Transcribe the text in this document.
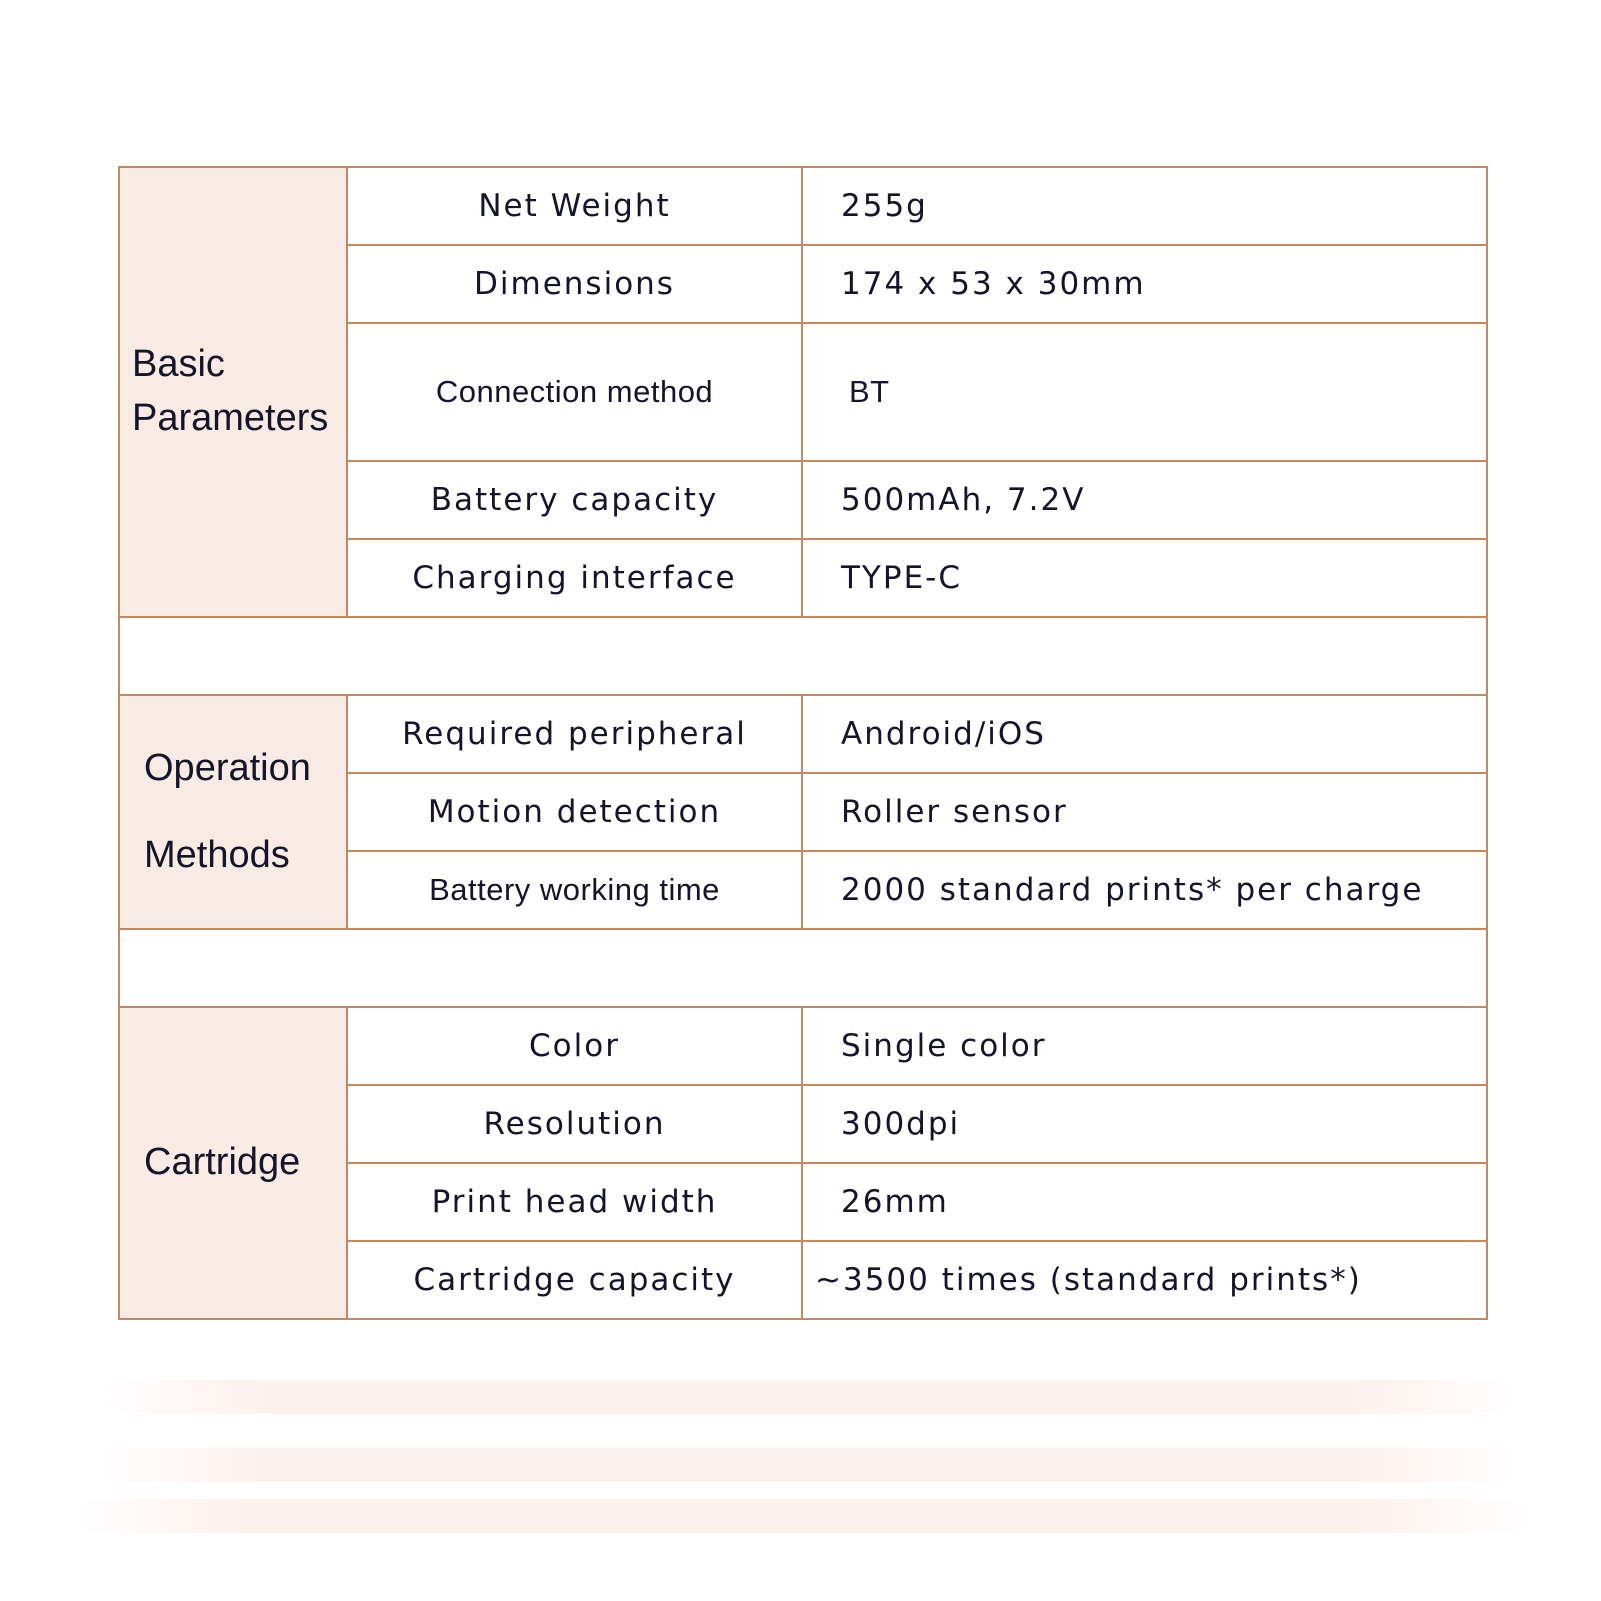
Basic
Parameters	Net Weight	255g
	Dimensions	174 x 53 x 30mm
	Connection method	BT
	Battery capacity	500mAh, 7.2V
	Charging interface	TYPE-C

Operation
Methods	Required peripheral	Android/iOS
	Motion detection	Roller sensor
	Battery working time	2000 standard prints* per charge

Cartridge	Color	Single color
	Resolution	300dpi
	Print head width	26mm
	Cartridge capacity	~3500 times (standard prints*)
